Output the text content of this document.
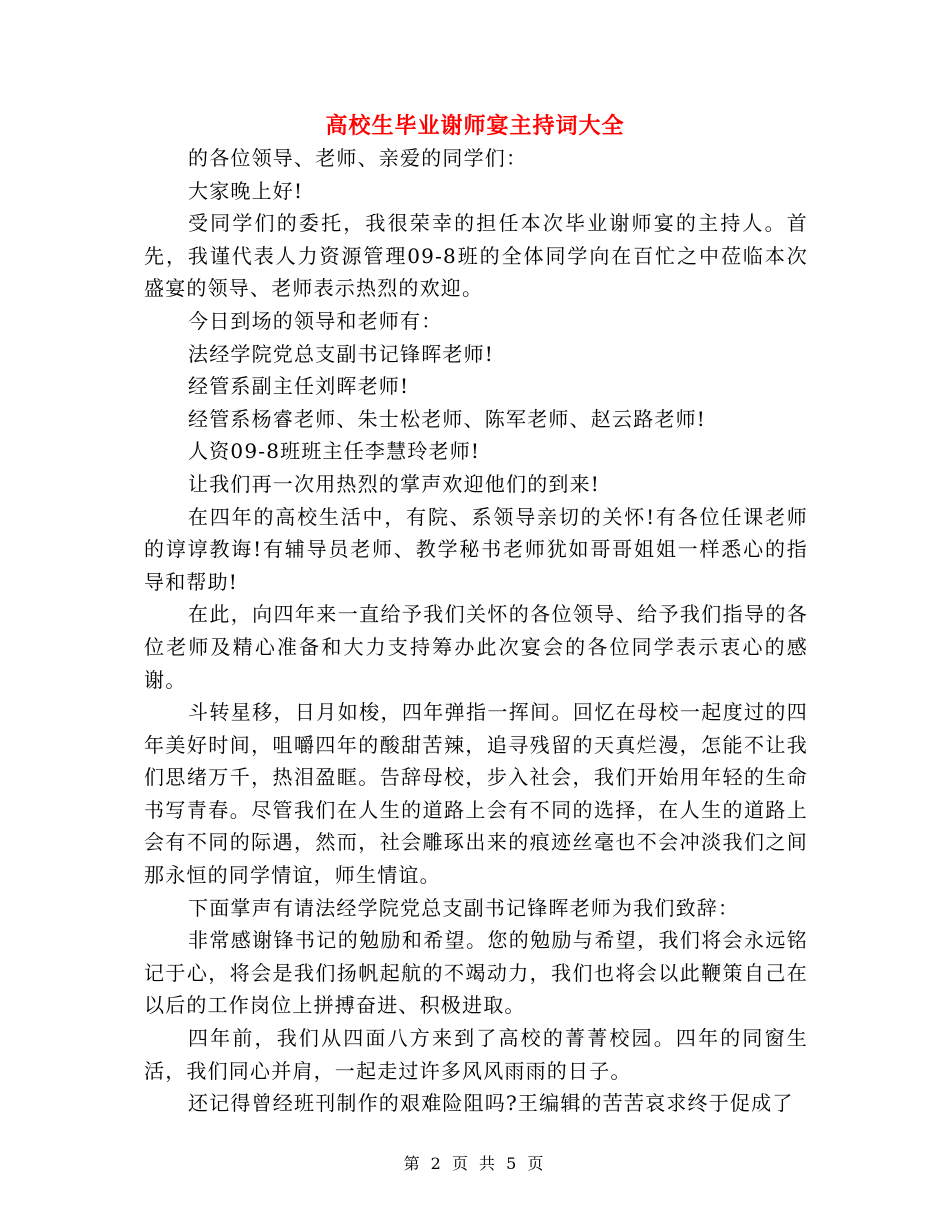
高校生毕业谢师宴主持词大全

的各位领导、老师、亲爱的同学们：

大家晚上好!

受同学们的委托，我很荣幸的担任本次毕业谢师宴的主持人。首先，我谨代表人力资源管理09-8班的全体同学向在百忙之中莅临本次盛宴的领导、老师表示热烈的欢迎。

今日到场的领导和老师有：

法经学院党总支副书记锋晖老师!

经管系副主任刘晖老师!

经管系杨睿老师、朱士松老师、陈军老师、赵云路老师!

人资09-8班班主任李慧玲老师!

让我们再一次用热烈的掌声欢迎他们的到来!

在四年的高校生活中，有院、系领导亲切的关怀!有各位任课老师的谆谆教诲!有辅导员老师、教学秘书老师犹如哥哥姐姐一样悉心的指导和帮助!

在此，向四年来一直给予我们关怀的各位领导、给予我们指导的各位老师及精心准备和大力支持筹办此次宴会的各位同学表示衷心的感谢。

斗转星移，日月如梭，四年弹指一挥间。回忆在母校一起度过的四年美好时间，咀嚼四年的酸甜苦辣，追寻残留的天真烂漫，怎能不让我们思绪万千，热泪盈眶。告辞母校，步入社会，我们开始用年轻的生命书写青春。尽管我们在人生的道路上会有不同的选择，在人生的道路上会有不同的际遇，然而，社会雕琢出来的痕迹丝毫也不会冲淡我们之间那永恒的同学情谊，师生情谊。

下面掌声有请法经学院党总支副书记锋晖老师为我们致辞：

非常感谢锋书记的勉励和希望。您的勉励与希望，我们将会永远铭记于心，将会是我们扬帆起航的不竭动力，我们也将会以此鞭策自己在以后的工作岗位上拼搏奋进、积极进取。

四年前，我们从四面八方来到了高校的菁菁校园。四年的同窗生活，我们同心并肩，一起走过许多风风雨雨的日子。

还记得曾经班刊制作的艰难险阻吗?王编辑的苦苦哀求终于促成了

第 2 页 共 5 页
